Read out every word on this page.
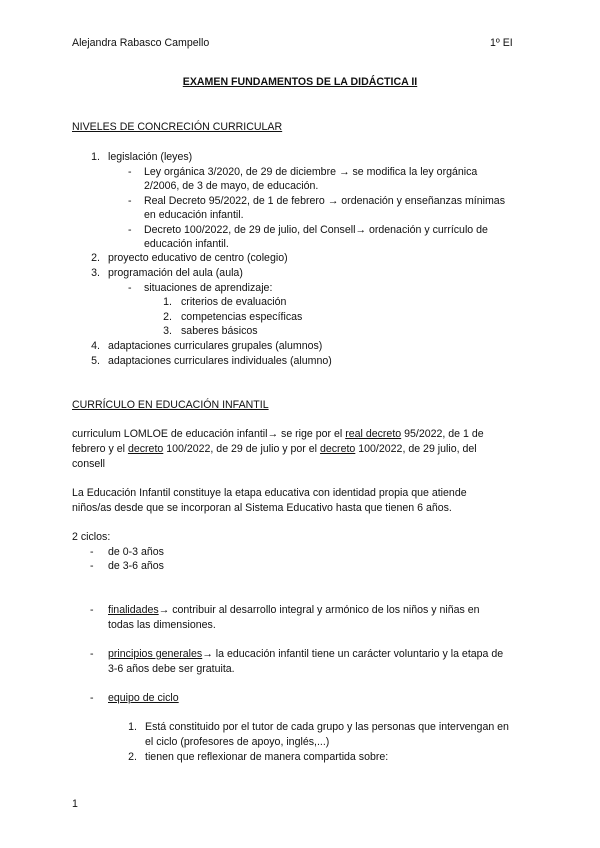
Alejandra Rabasco Campello	1º EI
EXAMEN FUNDAMENTOS DE LA DIDÁCTICA II
NIVELES DE CONCRECIÓN CURRICULAR
1. legislación (leyes)
- Ley orgánica 3/2020, de 29 de diciembre → se modifica la ley orgánica
2/2006, de 3 de mayo, de educación.
- Real Decreto 95/2022, de 1 de febrero → ordenación y enseñanzas mínimas
en educación infantil.
- Decreto 100/2022, de 29 de julio, del Consell→ ordenación y currículo de
educación infantil.
2. proyecto educativo de centro (colegio)
3. programación del aula (aula)
- situaciones de aprendizaje:
1. criterios de evaluación
2. competencias específicas
3. saberes básicos
4. adaptaciones curriculares grupales (alumnos)
5. adaptaciones curriculares individuales (alumno)
CURRÍCULO EN EDUCACIÓN INFANTIL
curriculum LOMLOE de educación infantil→ se rige por el real decreto 95/2022, de 1 de
febrero y el decreto 100/2022, de 29 de julio y por el decreto 100/2022, de 29 julio, del
consell
La Educación Infantil constituye la etapa educativa con identidad propia que atiende
niños/as desde que se incorporan al Sistema Educativo hasta que tienen 6 años.
2 ciclos:
- de 0-3 años
- de 3-6 años
- finalidades→ contribuir al desarrollo integral y armónico de los niños y niñas en
todas las dimensiones.
- principios generales→ la educación infantil tiene un carácter voluntario y la etapa de
3-6 años debe ser gratuita.
- equipo de ciclo
1. Está constituido por el tutor de cada grupo y las personas que intervengan en
el ciclo (profesores de apoyo, inglés,...)
2. tienen que reflexionar de manera compartida sobre:
1
